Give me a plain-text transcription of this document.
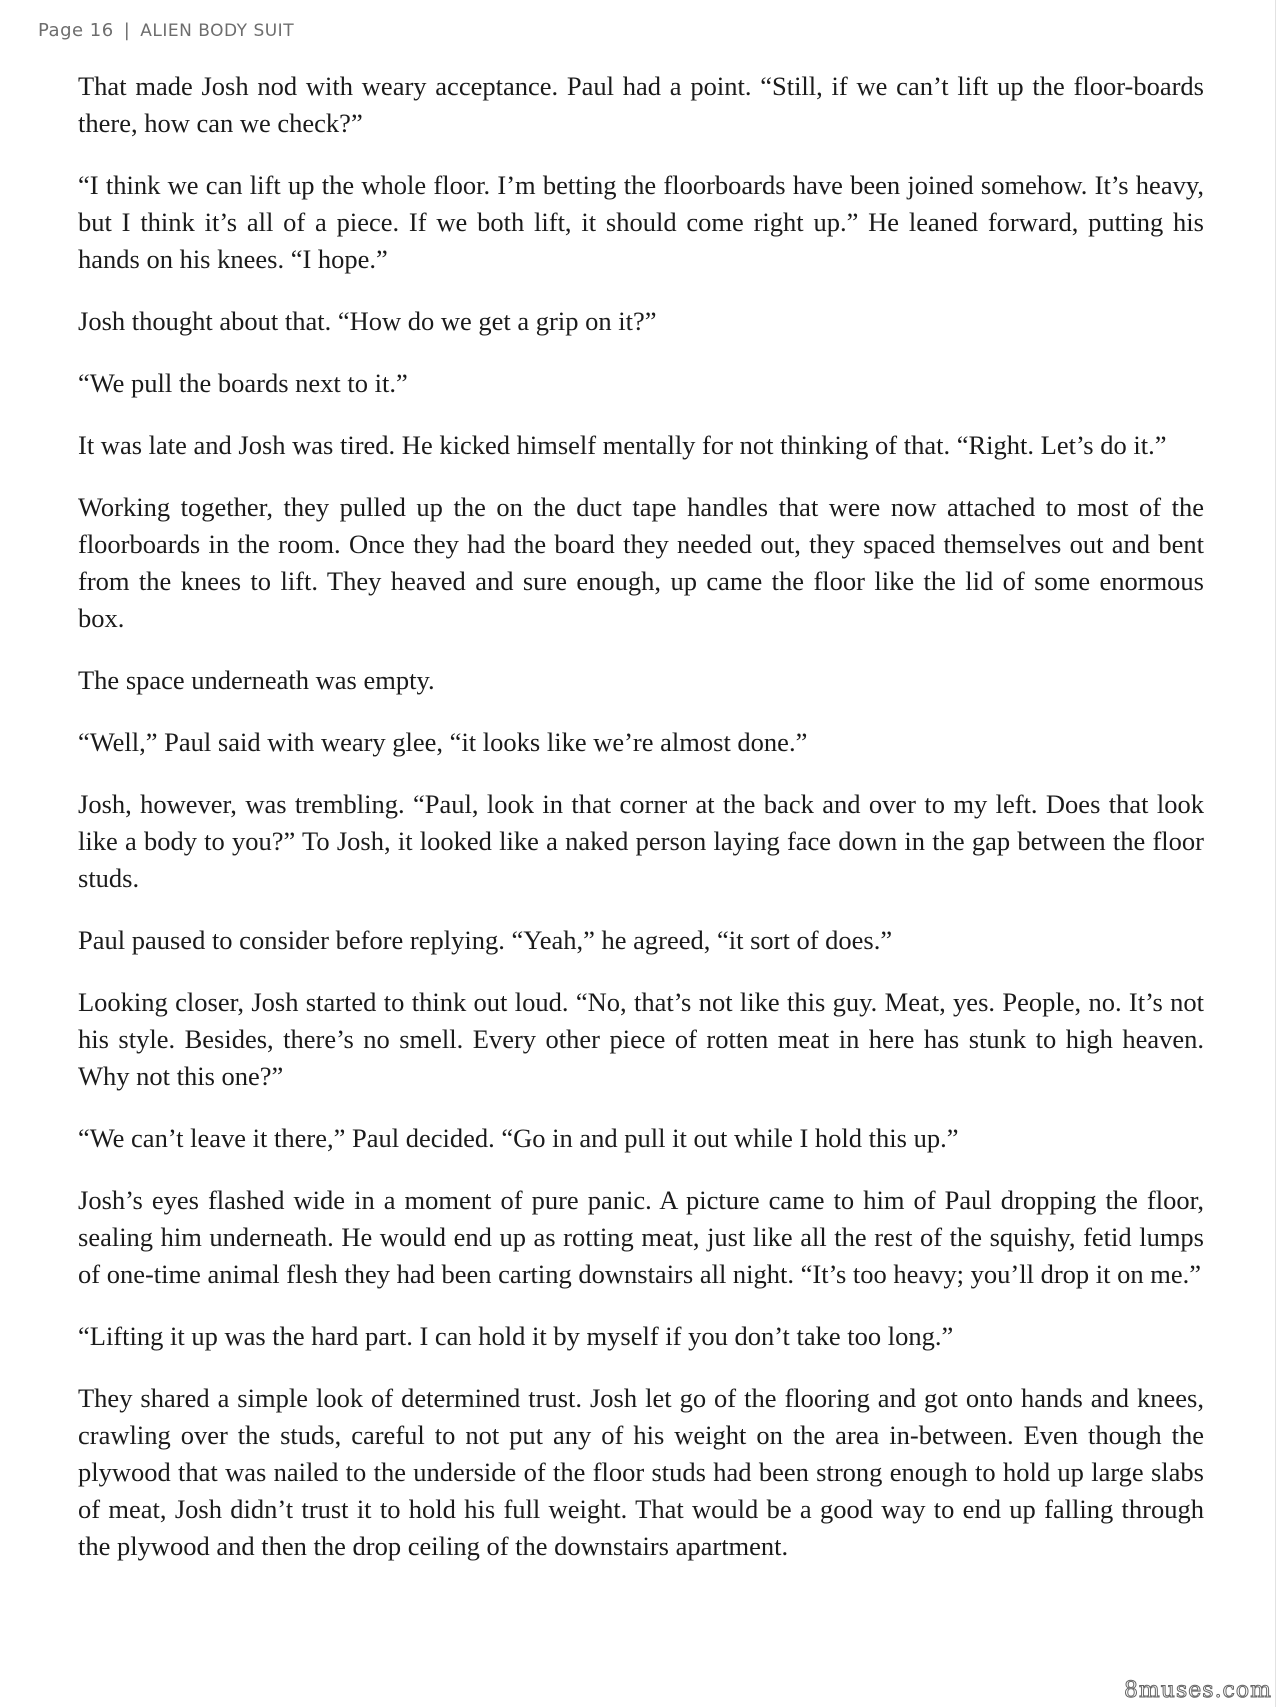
Page 16 | ALIEN BODY SUIT

That made Josh nod with weary acceptance. Paul had a point. “Still, if we can’t lift up the floor-boards there, how can we check?”

“I think we can lift up the whole floor. I’m betting the floorboards have been joined somehow. It’s heavy, but I think it’s all of a piece. If we both lift, it should come right up.” He leaned forward, putting his hands on his knees. “I hope.”

Josh thought about that. “How do we get a grip on it?”

“We pull the boards next to it.”

It was late and Josh was tired. He kicked himself mentally for not thinking of that. “Right. Let’s do it.”

Working together, they pulled up the on the duct tape handles that were now attached to most of the floorboards in the room. Once they had the board they needed out, they spaced themselves out and bent from the knees to lift. They heaved and sure enough, up came the floor like the lid of some enormous box.

The space underneath was empty.

“Well,” Paul said with weary glee, “it looks like we’re almost done.”

Josh, however, was trembling. “Paul, look in that corner at the back and over to my left. Does that look like a body to you?” To Josh, it looked like a naked person laying face down in the gap between the floor studs.

Paul paused to consider before replying. “Yeah,” he agreed, “it sort of does.”

Looking closer, Josh started to think out loud. “No, that’s not like this guy. Meat, yes. People, no. It’s not his style. Besides, there’s no smell. Every other piece of rotten meat in here has stunk to high heaven. Why not this one?”

“We can’t leave it there,” Paul decided. “Go in and pull it out while I hold this up.”

Josh’s eyes flashed wide in a moment of pure panic. A picture came to him of Paul dropping the floor, sealing him underneath. He would end up as rotting meat, just like all the rest of the squishy, fetid lumps of one-time animal flesh they had been carting downstairs all night. “It’s too heavy; you’ll drop it on me.”

“Lifting it up was the hard part. I can hold it by myself if you don’t take too long.”

They shared a simple look of determined trust. Josh let go of the flooring and got onto hands and knees, crawling over the studs, careful to not put any of his weight on the area in-between. Even though the plywood that was nailed to the underside of the floor studs had been strong enough to hold up large slabs of meat, Josh didn’t trust it to hold his full weight. That would be a good way to end up falling through the plywood and then the drop ceiling of the downstairs apartment.

8muses.com
